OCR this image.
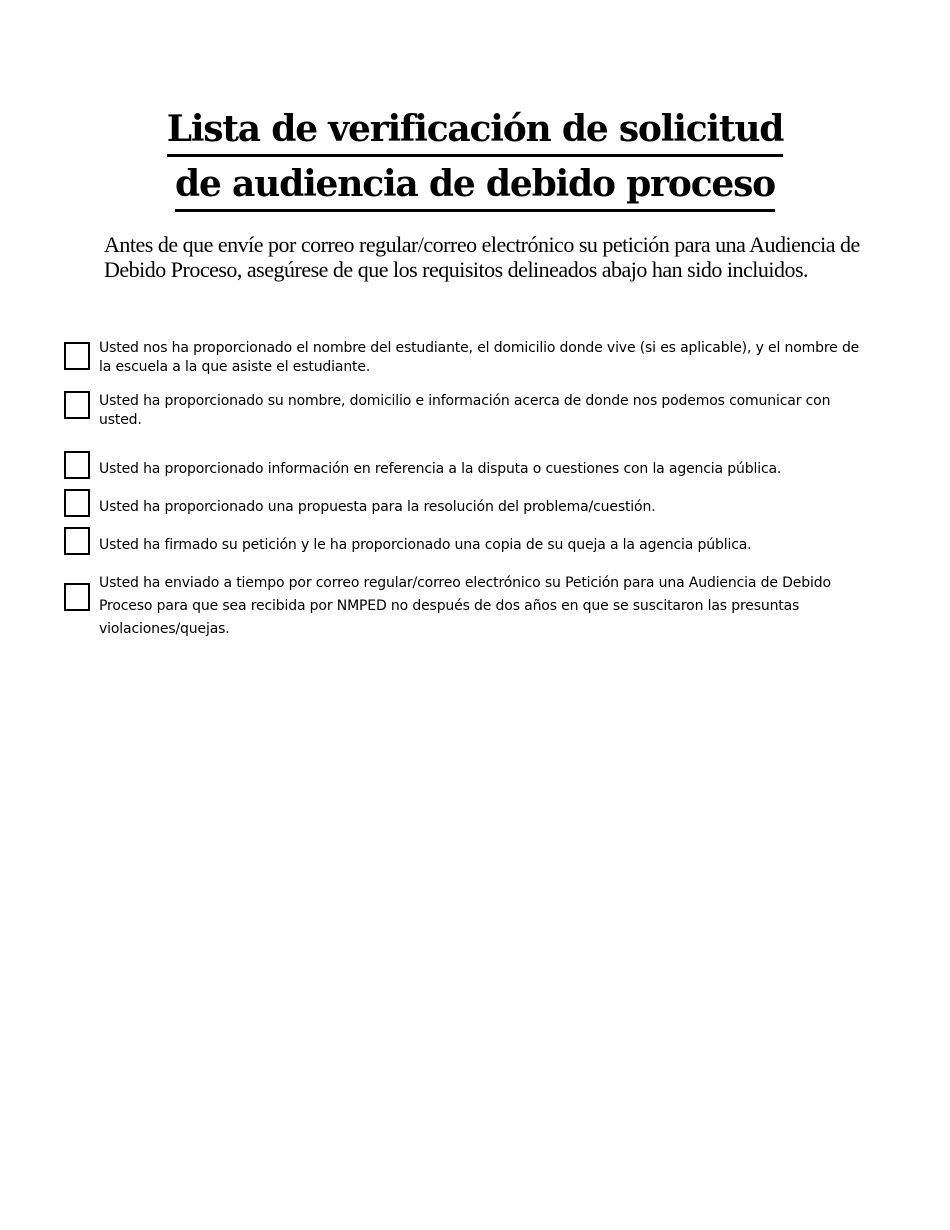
Lista de verificación de solicitud
de audiencia de debido proceso
Antes de que envíe por correo regular/correo electrónico su petición para una Audiencia de Debido Proceso, asegúrese de que los requisitos delineados abajo han sido incluidos.
Usted nos ha proporcionado el nombre del estudiante, el domicilio donde vive (si es aplicable), y el nombre de la escuela a la que asiste el estudiante.
Usted ha proporcionado su nombre, domicilio e información acerca de donde nos podemos comunicar con usted.
Usted ha proporcionado información en referencia a la disputa o cuestiones con la agencia pública.
Usted ha proporcionado una propuesta para la resolución del problema/cuestión.
Usted ha firmado su petición y le ha proporcionado una copia de su queja a la agencia pública.
Usted ha enviado a tiempo por correo regular/correo electrónico su Petición para una Audiencia de Debido Proceso para que sea recibida por NMPED no después de dos años en que se suscitaron las presuntas violaciones/quejas.
